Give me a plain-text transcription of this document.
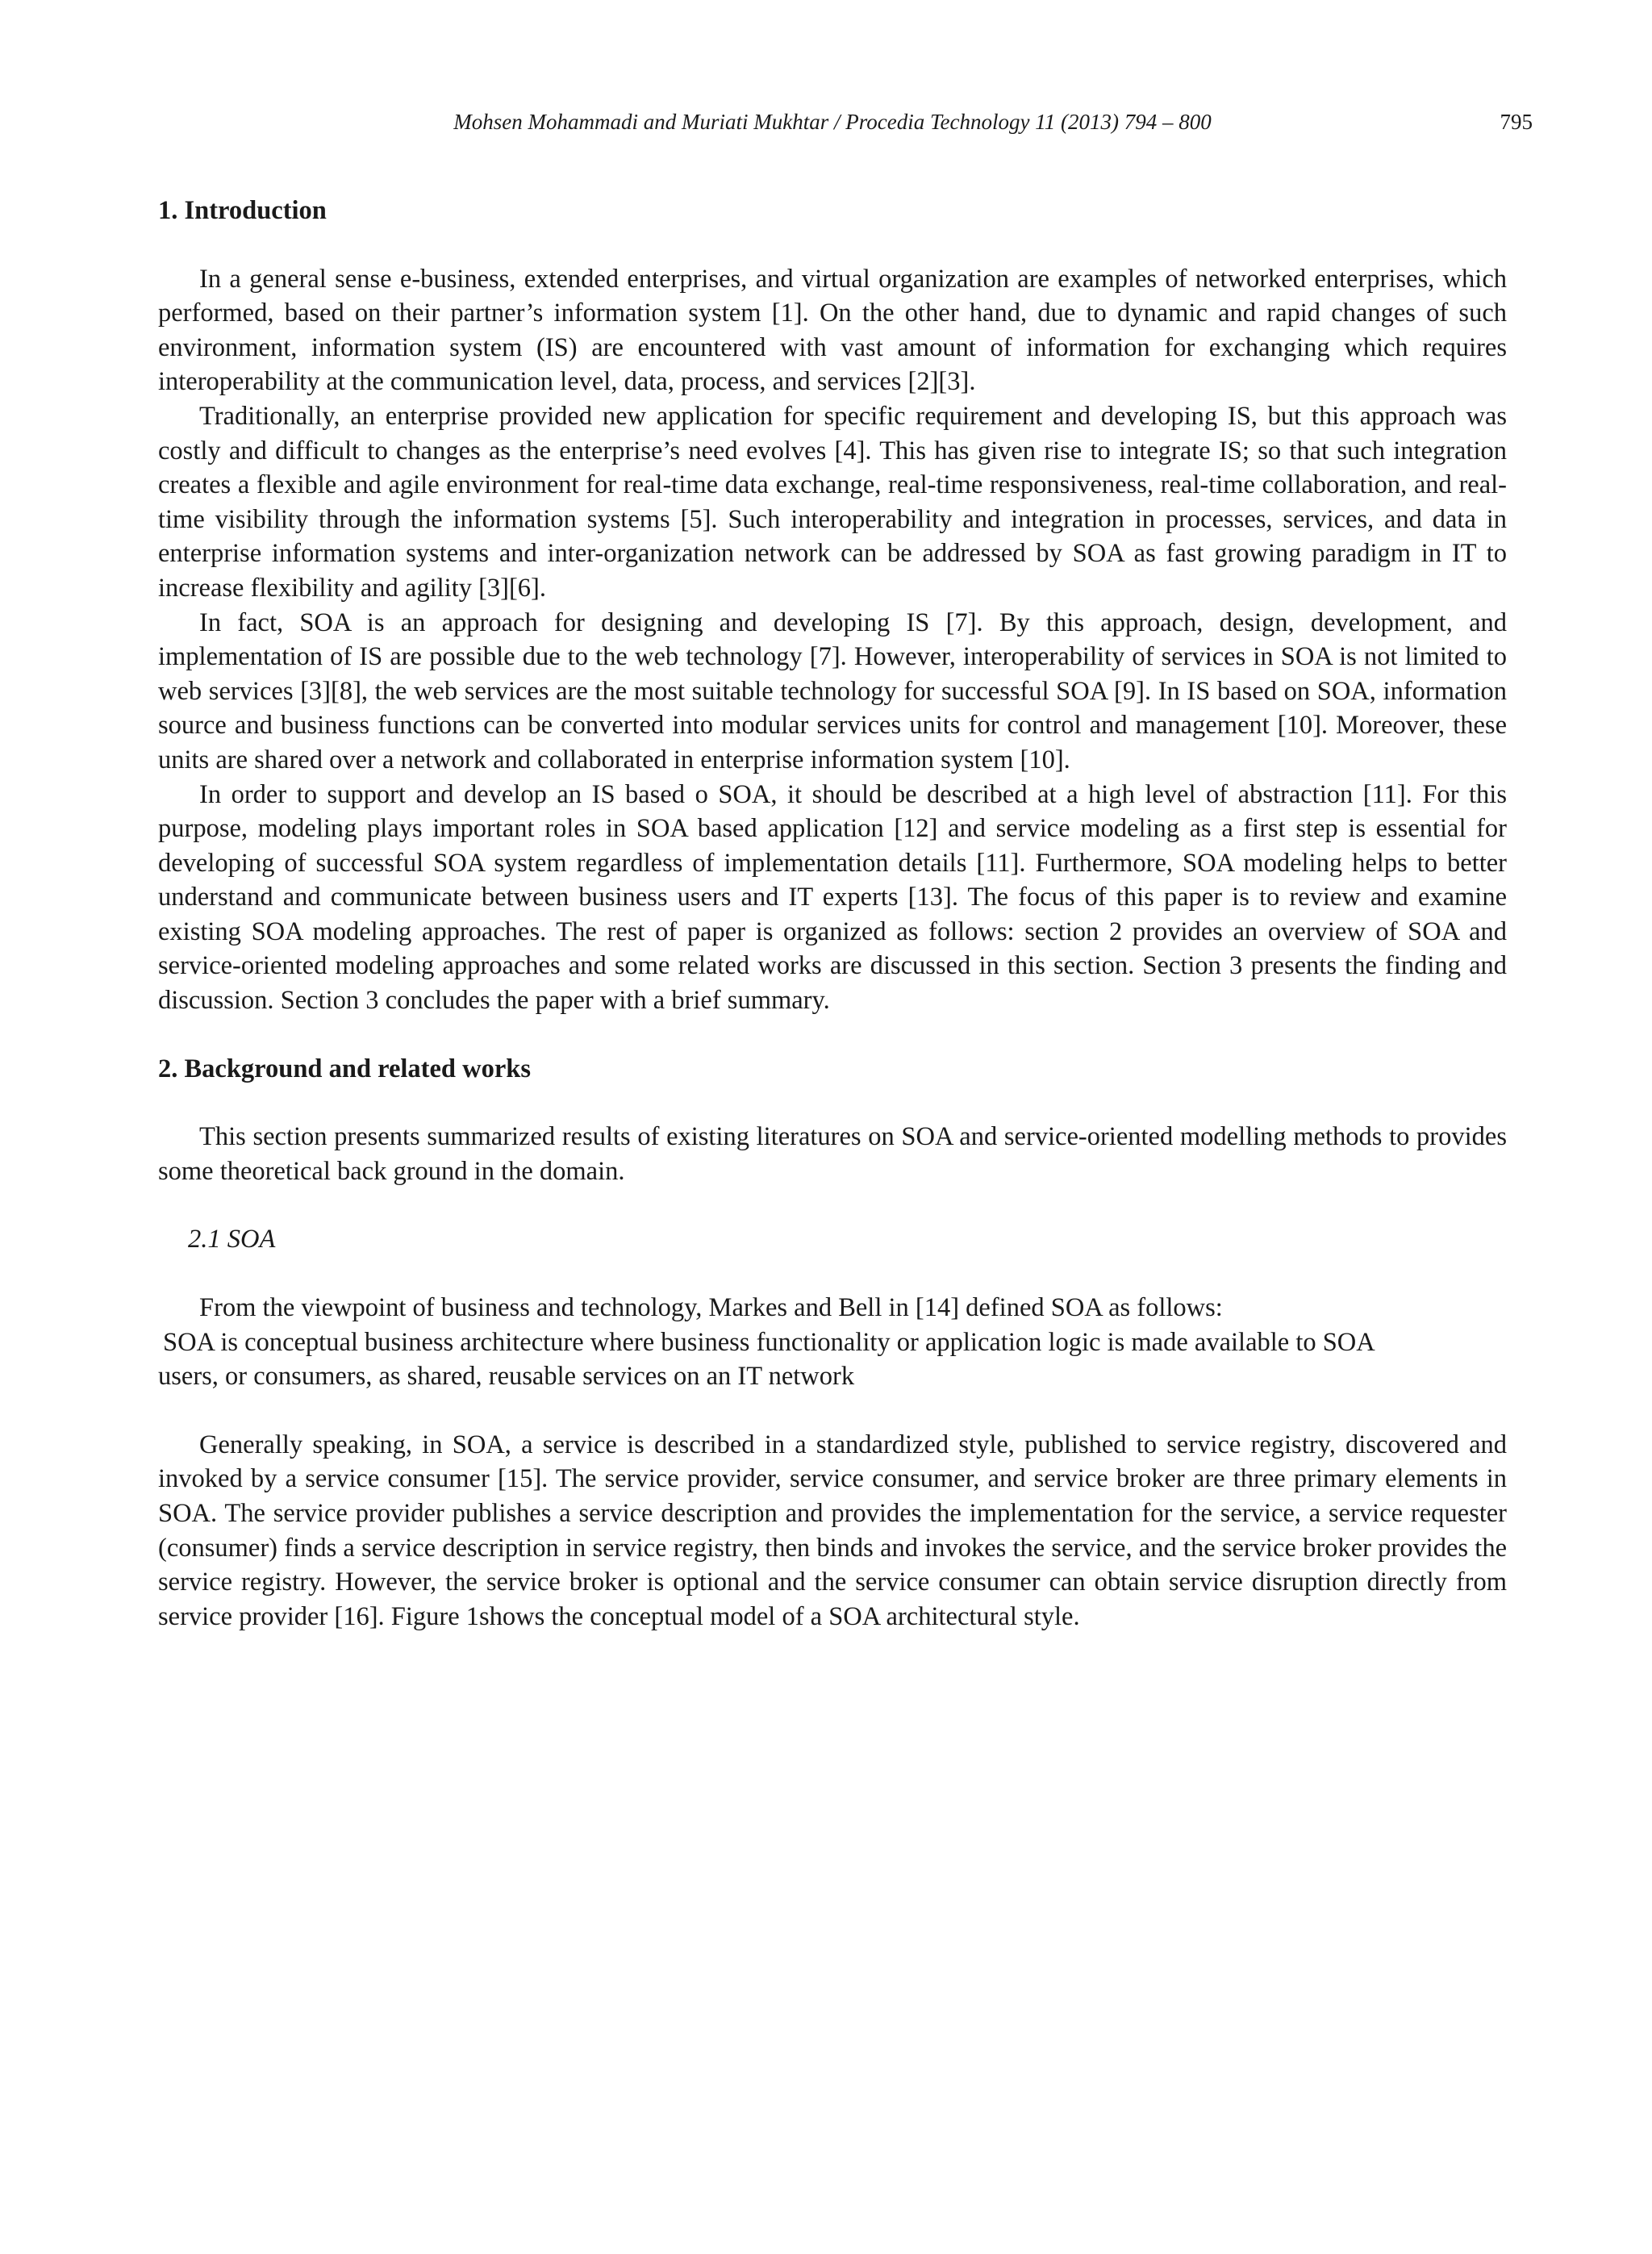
Mohsen Mohammadi and Muriati Mukhtar / Procedia Technology 11 (2013) 794 – 800	795
1. Introduction

In a general sense e-business, extended enterprises, and virtual organization are examples of networked enterprises, which performed, based on their partner’s information system [1]. On the other hand, due to dynamic and rapid changes of such environment, information system (IS) are encountered with vast amount of information for exchanging which requires interoperability at the communication level, data, process, and services [2][3].

Traditionally, an enterprise provided new application for specific requirement and developing IS, but this approach was costly and difficult to changes as the enterprise’s need evolves [4]. This has given rise to integrate IS; so that such integration creates a flexible and agile environment for real-time data exchange, real-time responsiveness, real-time collaboration, and real-time visibility through the information systems [5]. Such interoperability and integration in processes, services, and data in enterprise information systems and inter-organization network can be addressed by SOA as fast growing paradigm in IT to increase flexibility and agility [3][6].

In fact, SOA is an approach for designing and developing IS [7]. By this approach, design, development, and implementation of IS are possible due to the web technology [7]. However, interoperability of services in SOA is not limited to web services [3][8], the web services are the most suitable technology for successful SOA [9]. In IS based on SOA, information source and business functions can be converted into modular services units for control and management [10]. Moreover, these units are shared over a network and collaborated in enterprise information system [10].

In order to support and develop an IS based o SOA, it should be described at a high level of abstraction [11]. For this purpose, modeling plays important roles in SOA based application [12] and service modeling as a first step is essential for developing of successful SOA system regardless of implementation details [11]. Furthermore, SOA modeling helps to better understand and communicate between business users and IT experts [13]. The focus of this paper is to review and examine existing SOA modeling approaches. The rest of paper is organized as follows: section 2 provides an overview of SOA and service-oriented modeling approaches and some related works are discussed in this section. Section 3 presents the finding and discussion. Section 3 concludes the paper with a brief summary.

2. Background and related works

This section presents summarized results of existing literatures on SOA and service-oriented modelling methods to provides some theoretical back ground in the domain.

2.1 SOA

From the viewpoint of business and technology, Markes and Bell in [14] defined SOA as follows:

SOA is conceptual business architecture where business functionality or application logic is made available to SOA
users, or consumers, as shared, reusable services on an IT network

Generally speaking, in SOA, a service is described in a standardized style, published to service registry, discovered and invoked by a service consumer [15]. The service provider, service consumer, and service broker are three primary elements in SOA. The service provider publishes a service description and provides the implementation for the service, a service requester (consumer) finds a service description in service registry, then binds and invokes the service, and the service broker provides the service registry. However, the service broker is optional and the service consumer can obtain service disruption directly from service provider [16]. Figure 1shows the conceptual model of a SOA architectural style.
